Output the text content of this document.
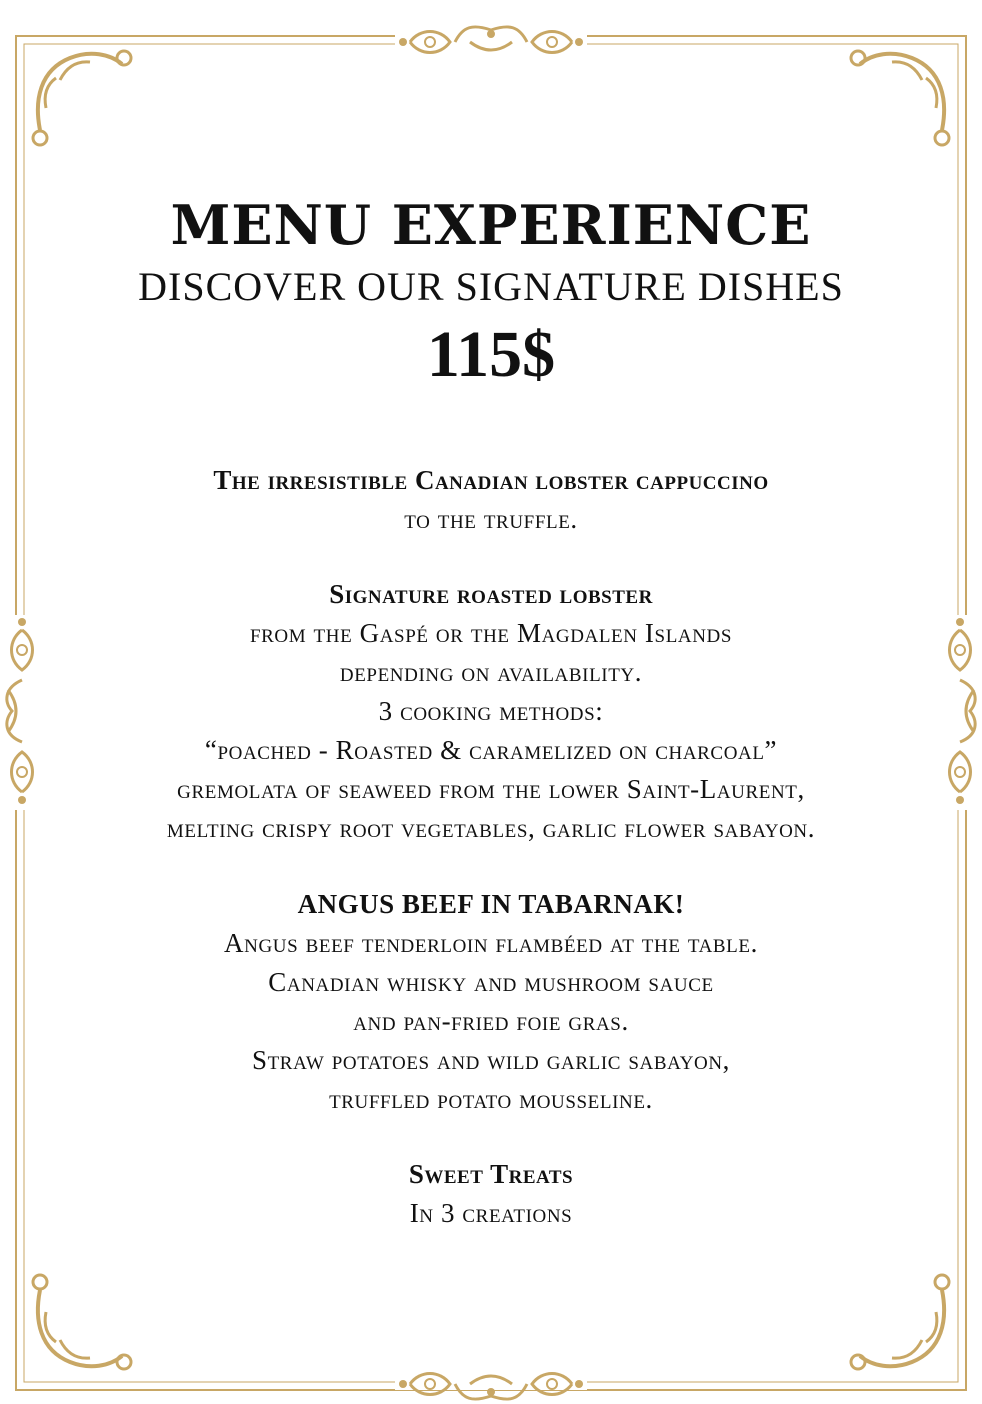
MENU EXPERIENCE
DISCOVER OUR SIGNATURE DISHES
115$
The irresistible Canadian lobster cappuccino
to the truffle.
Signature roasted lobster
from the Gaspé or the Magdalen Islands
depending on availability.
3 cooking methods:
“poached - Roasted & caramelized on charcoal”
gremolata of seaweed from the lower Saint-Laurent,
melting crispy root vegetables, garlic flower sabayon.
ANGUS BEEF IN TABARNAK!
Angus beef tenderloin flambéed at the table.
Canadian whisky and mushroom sauce
and pan-fried foie gras.
Straw potatoes and wild garlic sabayon,
truffled potato mousseline.
Sweet Treats
In 3 creations
